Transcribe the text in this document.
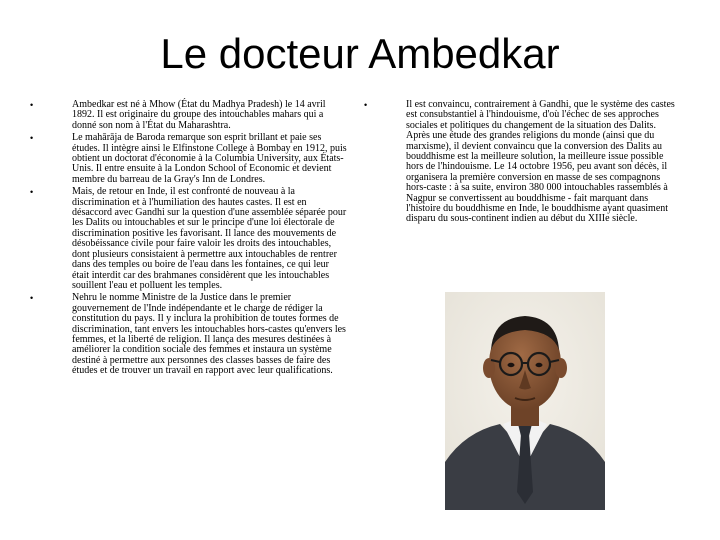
Le docteur Ambedkar
•	Ambedkar est né à Mhow (État du Madhya Pradesh) le 14 avril 1892. Il est originaire du groupe des intouchables mahars qui a donné son nom à l'État du Maharashtra.
•	Le mahārāja de Baroda remarque son esprit brillant et paie ses études. Il intègre ainsi le Elfinstone College à Bombay en 1912, puis obtient un doctorat d'économie à la Columbia University, aux États-Unis. Il entre ensuite à la London School of Economic et devient membre du barreau de la Gray's Inn de Londres.
•	Mais, de retour en Inde, il est confronté de nouveau à la discrimination et à l'humiliation des hautes castes. Il est en désaccord avec Gandhi sur la question d'une assemblée séparée pour les Dalits ou intouchables et sur le principe d'une loi électorale de discrimination positive les favorisant. Il lance des mouvements de désobéissance civile pour faire valoir les droits des intouchables, dont plusieurs consistaient à permettre aux intouchables de rentrer dans des temples ou boire de l'eau dans les fontaines, ce qui leur était interdit car des brahmanes considèrent que les intouchables souillent l'eau et polluent les temples.
•	Nehru le nomme Ministre de la Justice dans le premier gouvernement de l'Inde indépendante et le charge de rédiger la constitution du pays. Il y inclura la prohibition de toutes formes de discrimination, tant envers les intouchables hors-castes qu'envers les femmes, et la liberté de religion. Il lança des mesures destinées à améliorer la condition sociale des femmes et instaura un système destiné à permettre aux personnes des classes basses de faire des études et de trouver un travail en rapport avec leur qualifications.
•	Il est convaincu, contrairement à Gandhi, que le système des castes est consubstantiel à l'hindouisme, d'où l'échec de ses approches sociales et politiques du changement de la situation des Dalits. Après une étude des grandes religions du monde (ainsi que du marxisme), il devient convaincu que la conversion des Dalits au bouddhisme est la meilleure solution, la meilleure issue possible hors de l'hindouisme. Le 14 octobre 1956, peu avant son décès, il organisera la première conversion en masse de ses compagnons hors-caste : à sa suite, environ 380 000 intouchables rassemblés à Nagpur se convertissent au bouddhisme - fait marquant dans l'histoire du bouddhisme en Inde, le bouddhisme ayant quasiment disparu du sous-continent indien au début du XIIIe siècle.
